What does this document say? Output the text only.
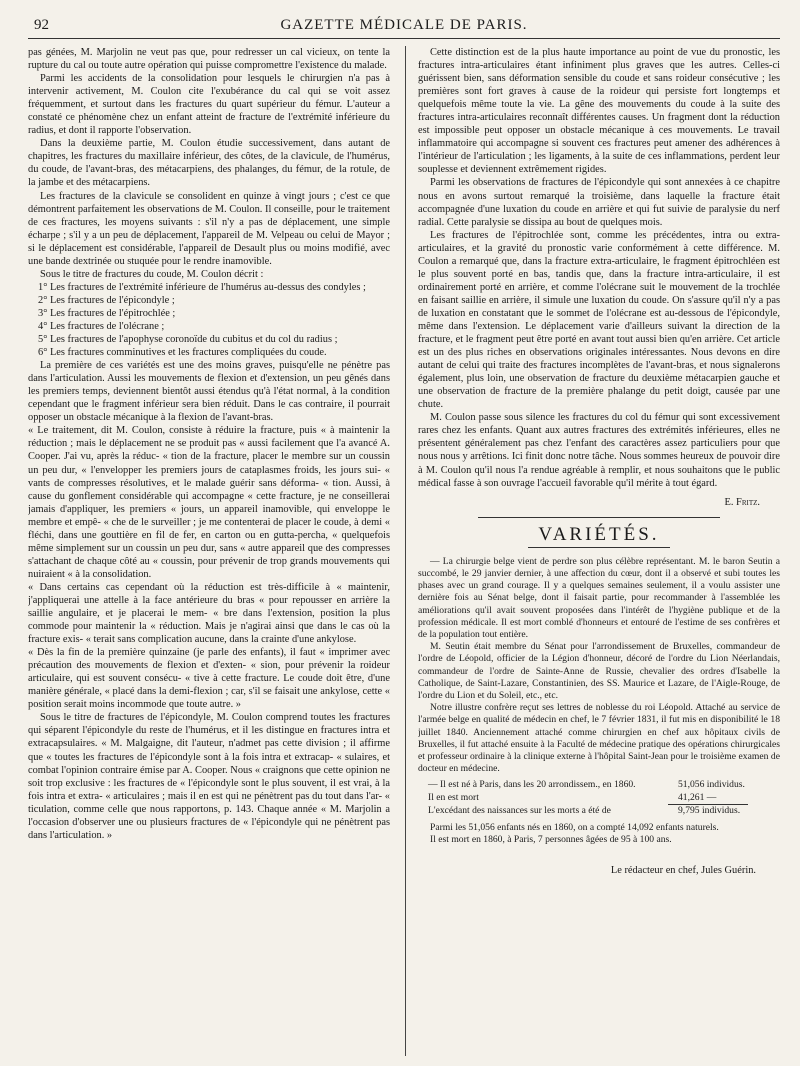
92	GAZETTE MÉDICALE DE PARIS.

pas génées, M. Marjolin ne veut pas que, pour redresser un cal vicieux, on tente la rupture du cal ou toute autre opération qui puisse compromettre l'existence du malade.

Parmi les accidents de la consolidation pour lesquels le chirurgien n'a pas à intervenir activement, M. Coulon cite l'exubérance du cal qui se voit assez fréquemment, et surtout dans les fractures du quart supérieur du fémur. L'auteur a constaté ce phénomène chez un enfant atteint de fracture de l'extrémité inférieure du radius, et dont il rapporte l'observation.

Dans la deuxième partie, M. Coulon étudie successivement, dans autant de chapitres, les fractures du maxillaire inférieur, des côtes, de la clavicule, de l'humérus, du coude, de l'avant-bras, des métacarpiens, des phalanges, du fémur, de la rotule, de la jambe et des métacarpiens.

Les fractures de la clavicule se consolident en quinze à vingt jours ; c'est ce que démontrent parfaitement les observations de M. Coulon. Il conseille, pour le traitement de ces fractures, les moyens suivants : s'il n'y a pas de déplacement, une simple écharpe ; s'il y a un peu de déplacement, l'appareil de M. Velpeau ou celui de Mayor ; si le déplacement est considérable, l'appareil de Desault plus ou moins modifié, avec une bande dextrinée ou stuquée pour le rendre inamovible.

Sous le titre de fractures du coude, M. Coulon décrit :

1° Les fractures de l'extrémité inférieure de l'humérus au-dessus des condyles ;
2° Les fractures de l'épicondyle ;
3° Les fractures de l'épitrochlée ;
4° Les fractures de l'olécrane ;
5° Les fractures de l'apophyse coronoïde du cubitus et du col du radius ;
6° Les fractures comminutives et les fractures compliquées du coude.

La première de ces variétés est une des moins graves, puisqu'elle ne pénètre pas dans l'articulation. Aussi les mouvements de flexion et d'extension, un peu gênés dans les premiers temps, deviennent bientôt aussi étendus qu'à l'état normal, à la condition cependant que le fragment inférieur sera bien réduit. Dans le cas contraire, il pourrait opposer un obstacle mécanique à la flexion de l'avant-bras.

« Le traitement, dit M. Coulon, consiste à réduire la fracture, puis « à maintenir la réduction ; mais le déplacement ne se produit pas « aussi facilement que l'a avancé A. Cooper. J'ai vu, après la réduc- « tion de la fracture, placer le membre sur un coussin un peu dur, « l'envelopper les premiers jours de cataplasmes froids, les jours sui- « vants de compresses résolutives, et le malade guérir sans déforma- « tion. Aussi, à cause du gonflement considérable qui accompagne « cette fracture, je ne conseillerai jamais d'appliquer, les premiers « jours, un appareil inamovible, qui enveloppe le membre et empê- « che de le surveiller ; je me contenterai de placer le coude, à demi « fléchi, dans une gouttière en fil de fer, en carton ou en gutta-percha, « quelquefois même simplement sur un coussin un peu dur, sans « autre appareil que des compresses s'attachant de chaque côté au « coussin, pour prévenir de trop grands mouvements qui nuiraient « à la consolidation.

« Dans certains cas cependant où la réduction est très-difficile à « maintenir, j'appliquerai une attelle à la face antérieure du bras « pour repousser en arrière la saillie angulaire, et je placerai le mem- « bre dans l'extension, position la plus commode pour maintenir la « réduction. Mais je n'agirai ainsi que dans le cas où la fracture exis- « terait sans complication aucune, dans la crainte d'une ankylose.

« Dès la fin de la première quinzaine (je parle des enfants), il faut « imprimer avec précaution des mouvements de flexion et d'exten- « sion, pour prévenir la roideur articulaire, qui est souvent consécu- « tive à cette fracture. Le coude doit être, d'une manière générale, « placé dans la demi-flexion ; car, s'il se faisait une ankylose, cette « position serait moins incommode que toute autre. »

Sous le titre de fractures de l'épicondyle, M. Coulon comprend toutes les fractures qui séparent l'épicondyle du reste de l'humérus, et il les distingue en fractures intra et extracapsulaires. « M. Malgaigne, dit l'auteur, n'admet pas cette division ; il affirme que « toutes les fractures de l'épicondyle sont à la fois intra et extracap- « sulaires, et combat l'opinion contraire émise par A. Cooper. Nous « craignons que cette opinion ne soit trop exclusive : les fractures de « l'épicondyle sont le plus souvent, il est vrai, à la fois intra et extra- « articulaires ; mais il en est qui ne pénètrent pas du tout dans l'ar- « ticulation, comme celle que nous rapportons, p. 143. Chaque année « M. Marjolin a l'occasion d'observer une ou plusieurs fractures de « l'épicondyle qui ne pénètrent pas dans l'articulation. »

Cette distinction est de la plus haute importance au point de vue du pronostic, les fractures intra-articulaires étant infiniment plus graves que les autres. Celles-ci guérissent bien, sans déformation sensible du coude et sans roideur consécutive ; les premières sont fort graves à cause de la roideur qui persiste fort longtemps et quelquefois même toute la vie. La gêne des mouvements du coude à la suite des fractures intra-articulaires reconnaît différentes causes. Un fragment dont la réduction est impossible peut opposer un obstacle mécanique à ces mouvements. Le travail inflammatoire qui accompagne si souvent ces fractures peut amener des adhérences à l'intérieur de l'articulation ; les ligaments, à la suite de ces inflammations, perdent leur souplesse et deviennent extrêmement rigides.

Parmi les observations de fractures de l'épicondyle qui sont annexées à ce chapitre nous en avons surtout remarqué la troisième, dans laquelle la fracture était accompagnée d'une luxation du coude en arrière et qui fut suivie de paralysie du nerf radial. Cette paralysie se dissipa au bout de quelques mois.

Les fractures de l'épitrochlée sont, comme les précédentes, intra ou extra-articulaires, et la gravité du pronostic varie conformément à cette différence. M. Coulon a remarqué que, dans la fracture extra-articulaire, le fragment épitrochléen est le plus souvent porté en bas, tandis que, dans la fracture intra-articulaire, il est ordinairement porté en arrière, et comme l'olécrane suit le mouvement de la trochlée en faisant saillie en arrière, il simule une luxation du coude. On s'assure qu'il n'y a pas de luxation en constatant que le sommet de l'olécrane est au-dessous de l'épicondyle, même dans l'extension. Le déplacement varie d'ailleurs suivant la direction de la fracture, et le fragment peut être porté en avant tout aussi bien qu'en arrière. Cet article est un des plus riches en observations originales intéressantes. Nous devons en dire autant de celui qui traite des fractures incomplètes de l'avant-bras, et nous signalerons également, plus loin, une observation de fracture du deuxième métacarpien gauche et une observation de fracture de la première phalange du petit doigt, causée par une chute.

M. Coulon passe sous silence les fractures du col du fémur qui sont excessivement rares chez les enfants. Quant aux autres fractures des extrémités inférieures, elles ne présentent généralement pas chez l'enfant des caractères assez particuliers pour que nous nous y arrêtions. Ici finit donc notre tâche. Nous sommes heureux de pouvoir dire à M. Coulon qu'il nous l'a rendue agréable à remplir, et nous souhaitons que le public médical fasse à son ouvrage l'accueil favorable qu'il mérite à tout égard.

E. Fritz.
VARIÉTÉS.

— La chirurgie belge vient de perdre son plus célèbre représentant. M. le baron Seutin a succombé, le 29 janvier dernier, à une affection du cœur, dont il a observé et subi toutes les phases avec un grand courage. Il y a quelques semaines seulement, il a voulu assister une dernière fois au Sénat belge, dont il faisait partie, pour recommander à l'assemblée les améliorations qu'il avait souvent proposées dans l'intérêt de l'hygiène publique et de la profession médicale. Il est mort comblé d'honneurs et entouré de l'estime de ses confrères et de la population tout entière.

M. Seutin était membre du Sénat pour l'arrondissement de Bruxelles, commandeur de l'ordre de Léopold, officier de la Légion d'honneur, décoré de l'ordre du Lion Néerlandais, commandeur de l'ordre de Sainte-Anne de Russie, chevalier des ordres d'Isabelle la Catholique, de Saint-Lazare, Constantinien, des SS. Maurice et Lazare, de l'Aigle-Rouge, de l'ordre du Lion et du Soleil, etc., etc.

Notre illustre confrère reçut ses lettres de noblesse du roi Léopold. Attaché au service de l'armée belge en qualité de médecin en chef, le 7 février 1831, il fut mis en disponibilité le 18 juillet 1840. Anciennement attaché comme chirurgien en chef aux hôpitaux civils de Bruxelles, il fut attaché ensuite à la Faculté de médecine pratique des opérations chirurgicales et professeur ordinaire à la clinique externe à l'hôpital Saint-Jean pour le troisième examen de docteur en médecine.

— Il est né à Paris, dans les 20 arrondissem., en 1860.	51,056 individus.
Il en est mort	41,261 —
L'excédant des naissances sur les morts a été de	9,795 individus.

Parmi les 51,056 enfants nés en 1860, on a compté 14,092 enfants naturels.

Il est mort en 1860, à Paris, 7 personnes âgées de 95 à 100 ans.

Le rédacteur en chef, Jules Guérin.
